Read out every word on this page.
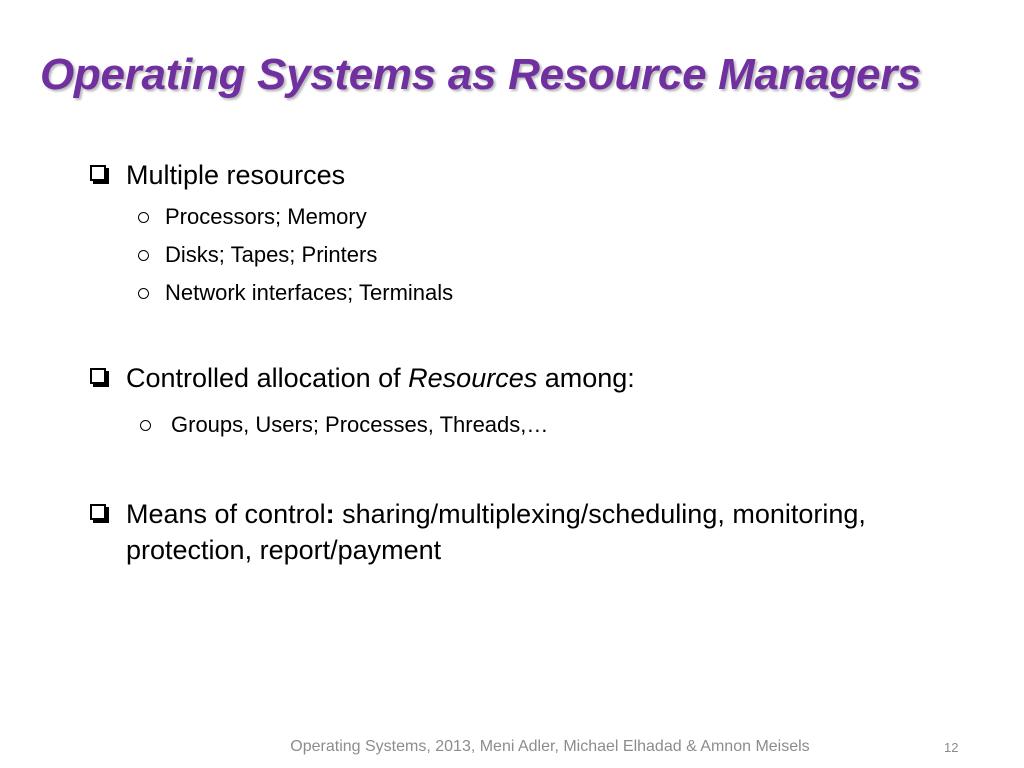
Operating Systems as Resource Managers
Multiple resources
Processors; Memory
Disks; Tapes; Printers
Network interfaces; Terminals
Controlled allocation of Resources among:
Groups, Users; Processes, Threads,…
Means of control: sharing/multiplexing/scheduling, monitoring, protection, report/payment
Operating Systems, 2013, Meni Adler, Michael Elhadad & Amnon Meisels	12
